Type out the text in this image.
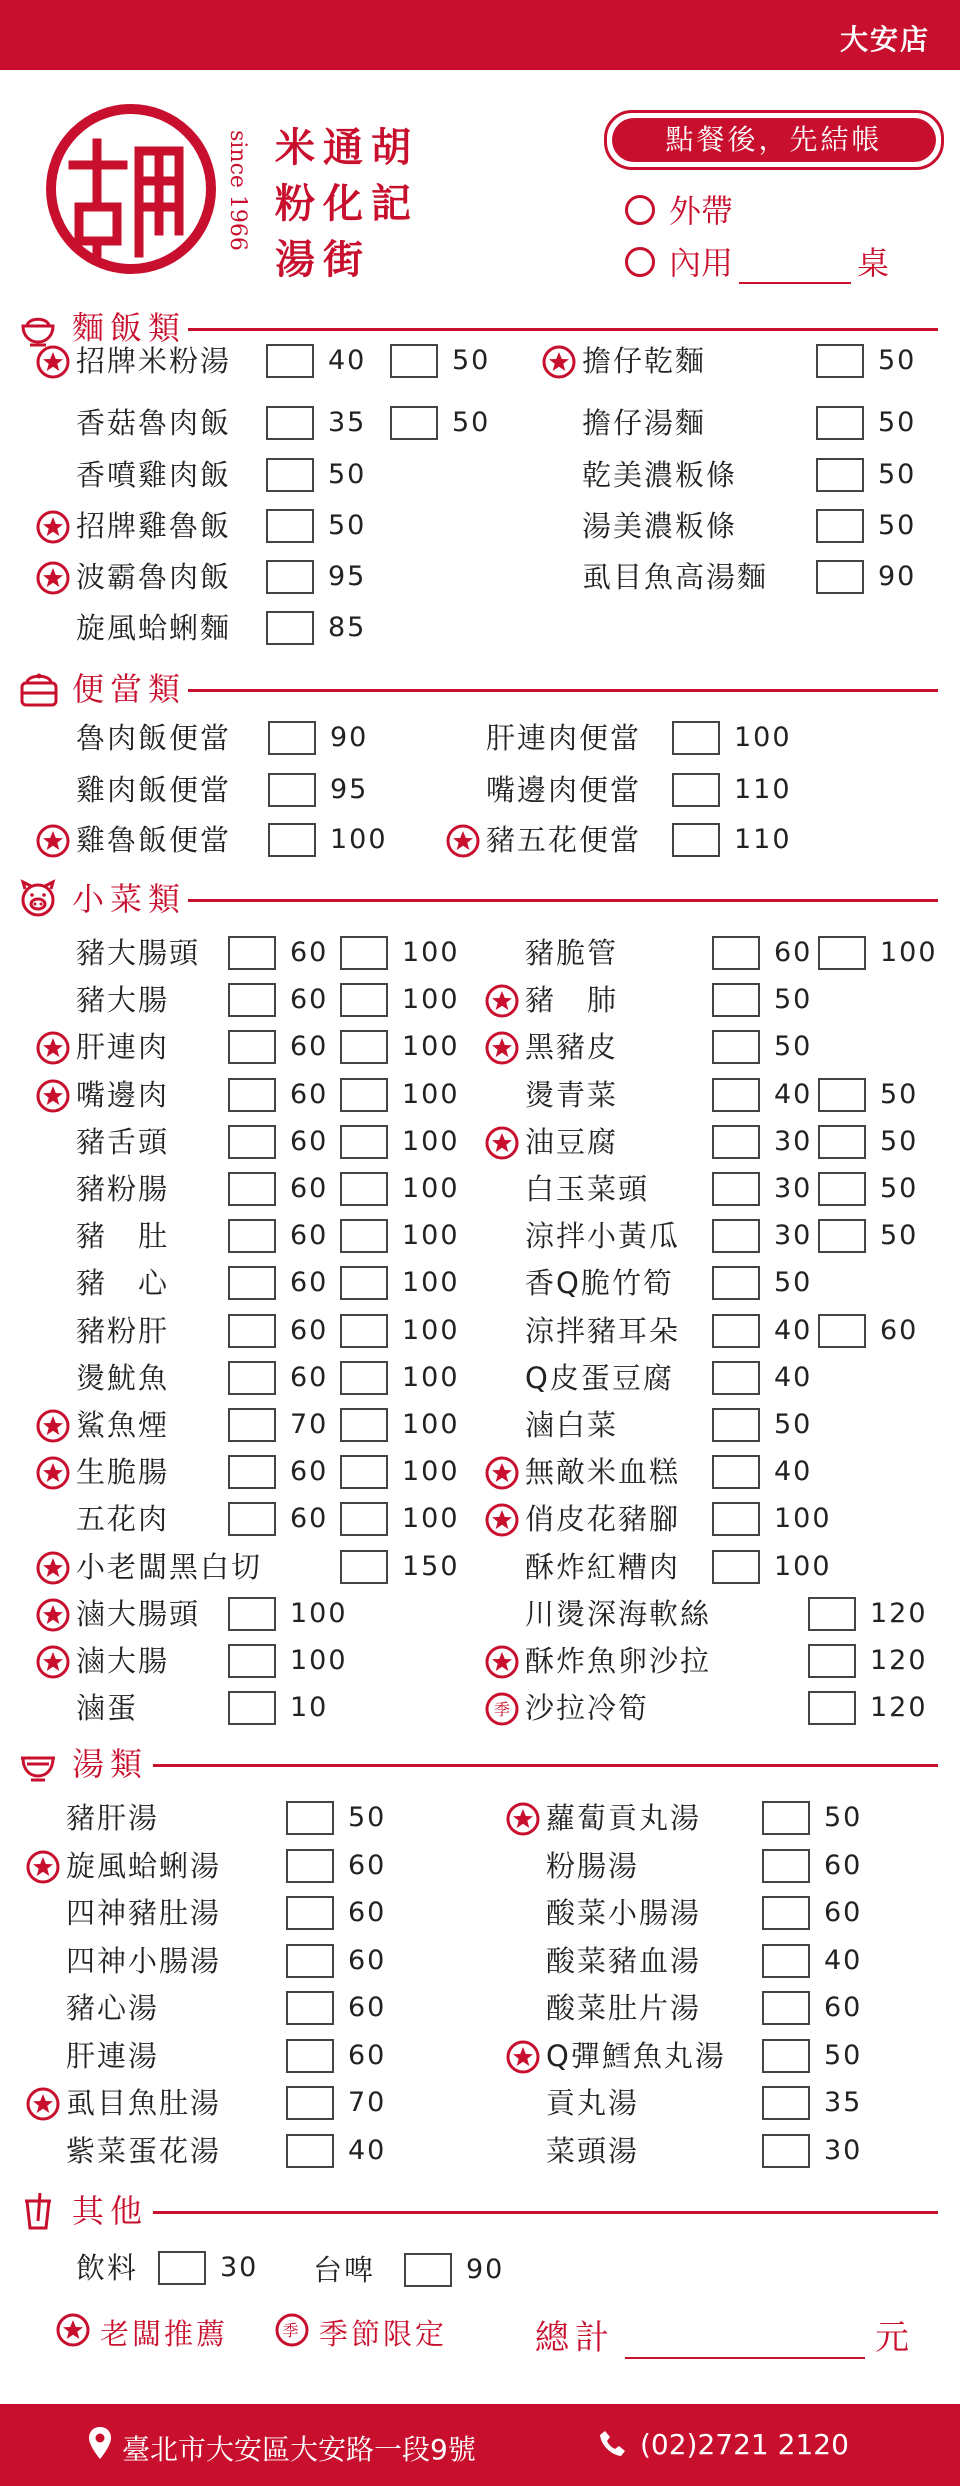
大安店
since 1966 米通胡
粉化記
湯街
點餐後，先結帳
外帶
內用	桌
麵飯類
便當類
小菜類
湯類
其他
招牌米粉湯	40	50
香菇魯肉飯	35	50
香噴雞肉飯	50
招牌雞魯飯	50
波霸魯肉飯	95
旋風蛤蜊麵	85
擔仔乾麵	50
擔仔湯麵	50
乾美濃粄條	50
湯美濃粄條	50
虱目魚高湯麵	90
魯肉飯便當	90
雞肉飯便當	95
雞魯飯便當	100
肝連肉便當	100
嘴邊肉便當	110
豬五花便當	110
豬大腸頭	60	100
豬大腸	60	100
肝連肉	60	100
嘴邊肉	60	100
豬舌頭	60	100
豬粉腸	60	100
豬　肚	60	100
豬　心	60	100
豬粉肝	60	100
燙魷魚	60	100
鯊魚煙	70	100
生脆腸	60	100
五花肉	60	100
小老闆黑白切	150
滷大腸頭	100
滷大腸	100
滷蛋	10
豬脆管	60	100
豬　肺	50
黑豬皮	50
燙青菜	40	50
油豆腐	30	50
白玉菜頭	30	50
涼拌小黃瓜	30	50
香Q脆竹筍	50
涼拌豬耳朵	40	60
Q皮蛋豆腐	40
滷白菜	50
無敵米血糕	40
俏皮花豬腳	100
酥炸紅糟肉	100
川燙深海軟絲	120
酥炸魚卵沙拉	120
季 沙拉冷筍	120
豬肝湯	50
旋風蛤蜊湯	60
四神豬肚湯	60
四神小腸湯	60
豬心湯	60
肝連湯	60
虱目魚肚湯	70
紫菜蛋花湯	40
蘿蔔貢丸湯	50
粉腸湯	60
酸菜小腸湯	60
酸菜豬血湯	40
酸菜肚片湯	60
Q彈鱈魚丸湯	50
貢丸湯	35
菜頭湯	30
飲料	30 台啤	90
老闆推薦	季 季節限定	總計	元
臺北市大安區大安路一段9號	(02)2721 2120
